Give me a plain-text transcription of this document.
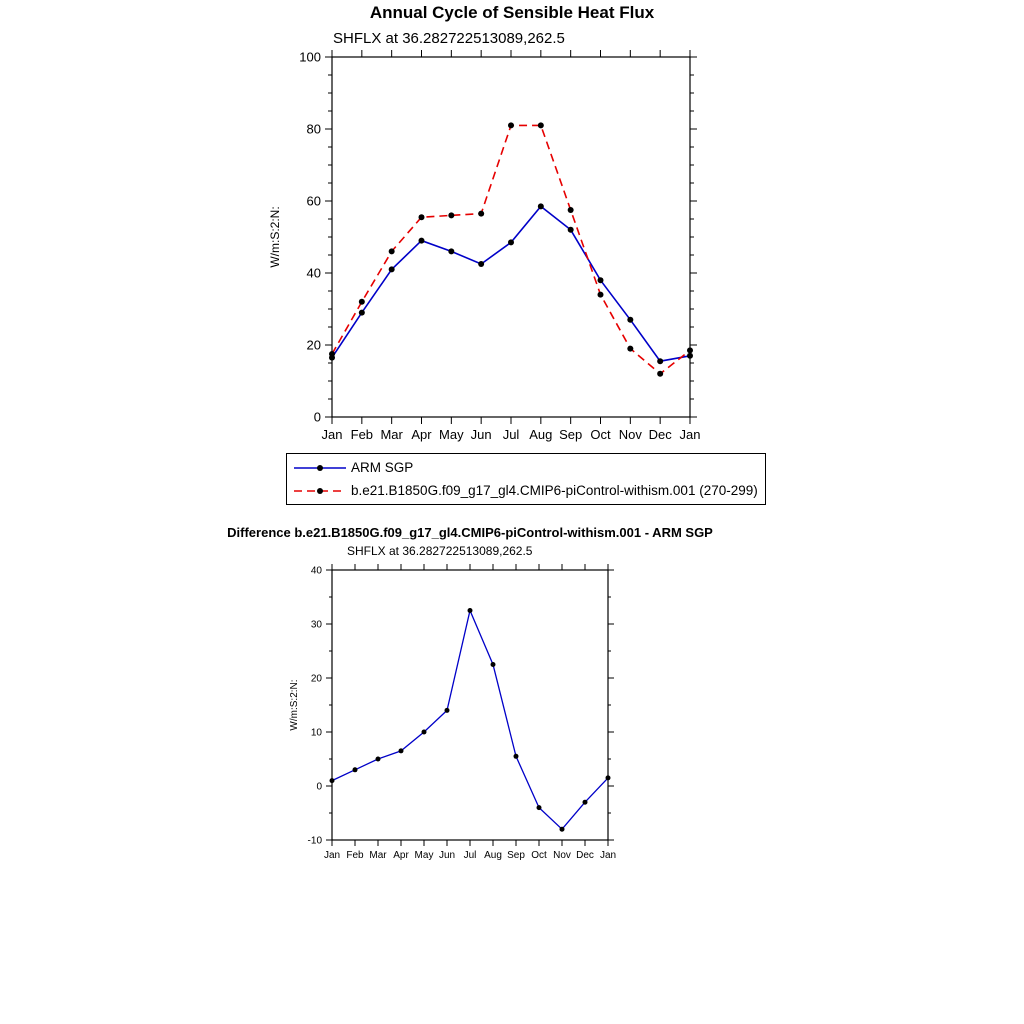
Annual Cycle of Sensible Heat Flux
SHFLX at 36.282722513089,262.5
0
20
40
60
80
100
Jan Feb Mar Apr May Jun Jul Aug Sep Oct Nov Dec Jan
W/m:S:2:N:
ARM SGP
b.e21.B1850G.f09_g17_gl4.CMIP6-piControl-withism.001 (270-299)
Difference b.e21.B1850G.f09_g17_gl4.CMIP6-piControl-withism.001 - ARM SGP
SHFLX at 36.282722513089,262.5
-10
0
10
20
30
40
Jan Feb Mar Apr May Jun Jul Aug Sep Oct Nov Dec Jan
W/m:S:2:N:
